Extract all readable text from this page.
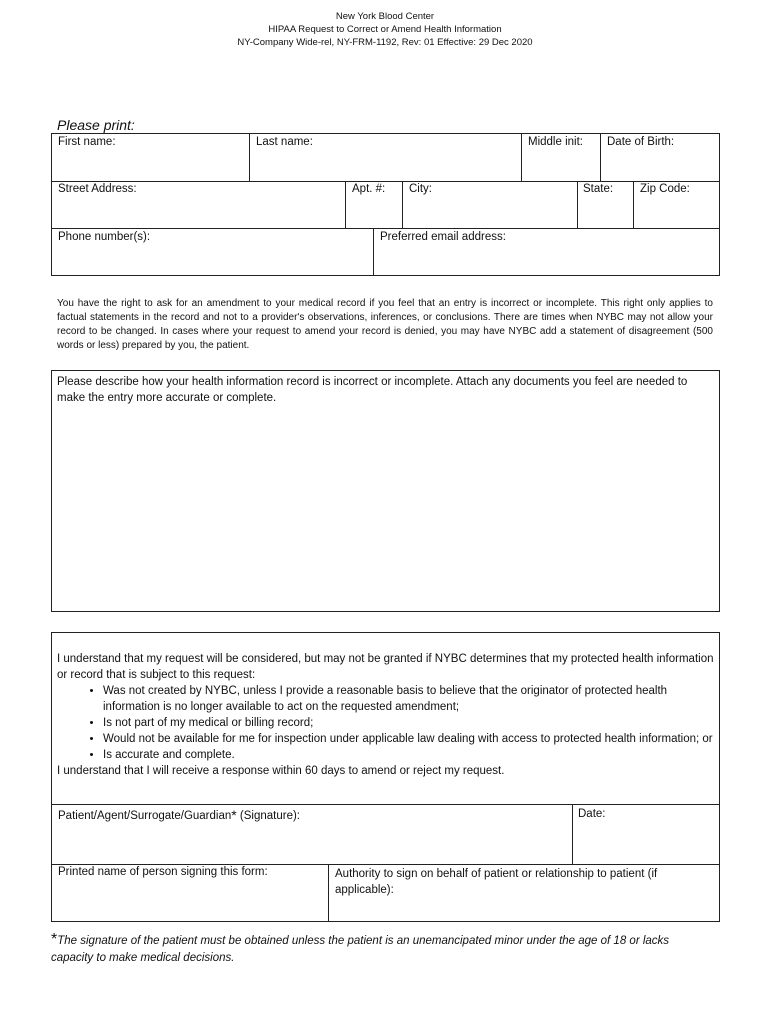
New York Blood Center
HIPAA Request to Correct or Amend Health Information
NY-Company Wide-rel, NY-FRM-1192, Rev: 01 Effective: 29 Dec 2020
Please print:
First name:	Last name:	Middle init: Date of Birth:
Street Address:	Apt. #: City:	State: Zip Code:
Phone number(s):	Preferred email address:
You have the right to ask for an amendment to your medical record if you feel that an entry is incorrect or incomplete. This right only applies to factual statements in the record and not to a provider's observations, inferences, or conclusions. There are times when NYBC may not allow your record to be changed. In cases where your request to amend your record is denied, you may have NYBC add a statement of disagreement (500 words or less) prepared by you, the patient.
Please describe how your health information record is incorrect or incomplete. Attach any documents you feel are needed to make the entry more accurate or complete.
I understand that my request will be considered, but may not be granted if NYBC determines that my protected health information or record that is subject to this request:
• Was not created by NYBC, unless I provide a reasonable basis to believe that the originator of protected health information is no longer available to act on the requested amendment;
• Is not part of my medical or billing record;
• Would not be available for me for inspection under applicable law dealing with access to protected health information; or
• Is accurate and complete.
I understand that I will receive a response within 60 days to amend or reject my request.
Patient/Agent/Surrogate/Guardian* (Signature):	Date:
Printed name of person signing this form:	Authority to sign on behalf of patient or relationship to patient (if applicable):
*The signature of the patient must be obtained unless the patient is an unemancipated minor under the age of 18 or lacks capacity to make medical decisions.
